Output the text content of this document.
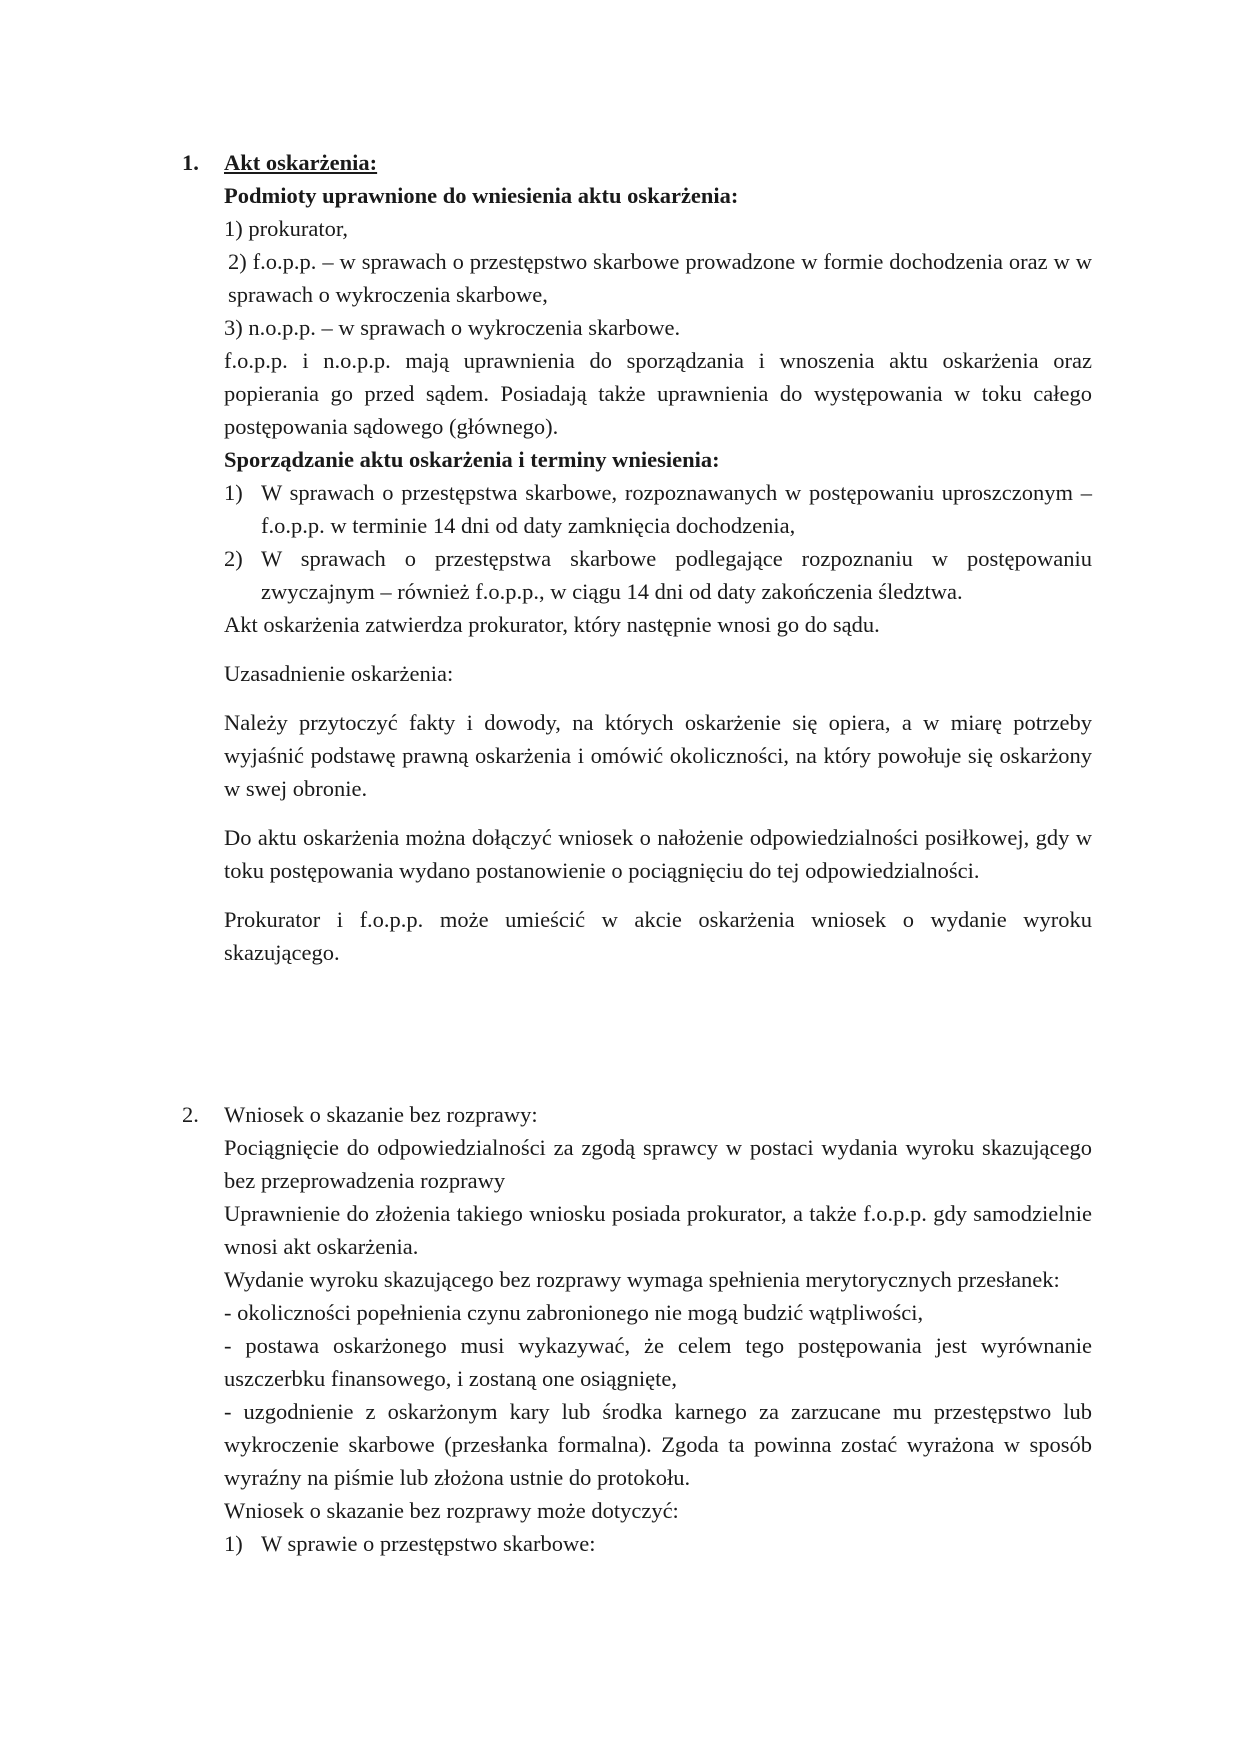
1.	Akt oskarżenia:
Podmioty uprawnione do wniesienia aktu oskarżenia:
1) prokurator,
2) f.o.p.p. – w sprawach o przestępstwo skarbowe prowadzone w formie dochodzenia oraz w w sprawach o wykroczenia skarbowe,
3) n.o.p.p. – w sprawach o wykroczenia skarbowe.
f.o.p.p. i n.o.p.p. mają uprawnienia do sporządzania i wnoszenia aktu oskarżenia oraz popierania go przed sądem. Posiadają także uprawnienia do występowania w toku całego postępowania sądowego (głównego).
Sporządzanie aktu oskarżenia i terminy wniesienia:
1) W sprawach o przestępstwa skarbowe, rozpoznawanych w postępowaniu uproszczonym – f.o.p.p. w terminie 14 dni od daty zamknięcia dochodzenia,
2) W sprawach o przestępstwa skarbowe podlegające rozpoznaniu w postępowaniu zwyczajnym – również f.o.p.p., w ciągu 14 dni od daty zakończenia śledztwa.
Akt oskarżenia zatwierdza prokurator, który następnie wnosi go do sądu.
Uzasadnienie oskarżenia:
Należy przytoczyć fakty i dowody, na których oskarżenie się opiera, a w miarę potrzeby wyjaśnić podstawę prawną oskarżenia i omówić okoliczności, na który powołuje się oskarżony w swej obronie.
Do aktu oskarżenia można dołączyć wniosek o nałożenie odpowiedzialności posiłkowej, gdy w toku postępowania wydano postanowienie o pociągnięciu do tej odpowiedzialności.
Prokurator i f.o.p.p. może umieścić w akcie oskarżenia wniosek o wydanie wyroku skazującego.
2.	Wniosek o skazanie bez rozprawy:
Pociągnięcie do odpowiedzialności za zgodą sprawcy w postaci wydania wyroku skazującego bez przeprowadzenia rozprawy
Uprawnienie do złożenia takiego wniosku posiada prokurator, a także f.o.p.p. gdy samodzielnie wnosi akt oskarżenia.
Wydanie wyroku skazującego bez rozprawy wymaga spełnienia merytorycznych przesłanek:
- okoliczności popełnienia czynu zabronionego nie mogą budzić wątpliwości,
- postawa oskarżonego musi wykazywać, że celem tego postępowania jest wyrównanie uszczerbku finansowego, i zostaną one osiągnięte,
- uzgodnienie z oskarżonym kary lub środka karnego za zarzucane mu przestępstwo lub wykroczenie skarbowe (przesłanka formalna). Zgoda ta powinna zostać wyrażona w sposób wyraźny na piśmie lub złożona ustnie do protokołu.
Wniosek o skazanie bez rozprawy może dotyczyć:
1) W sprawie o przestępstwo skarbowe:
